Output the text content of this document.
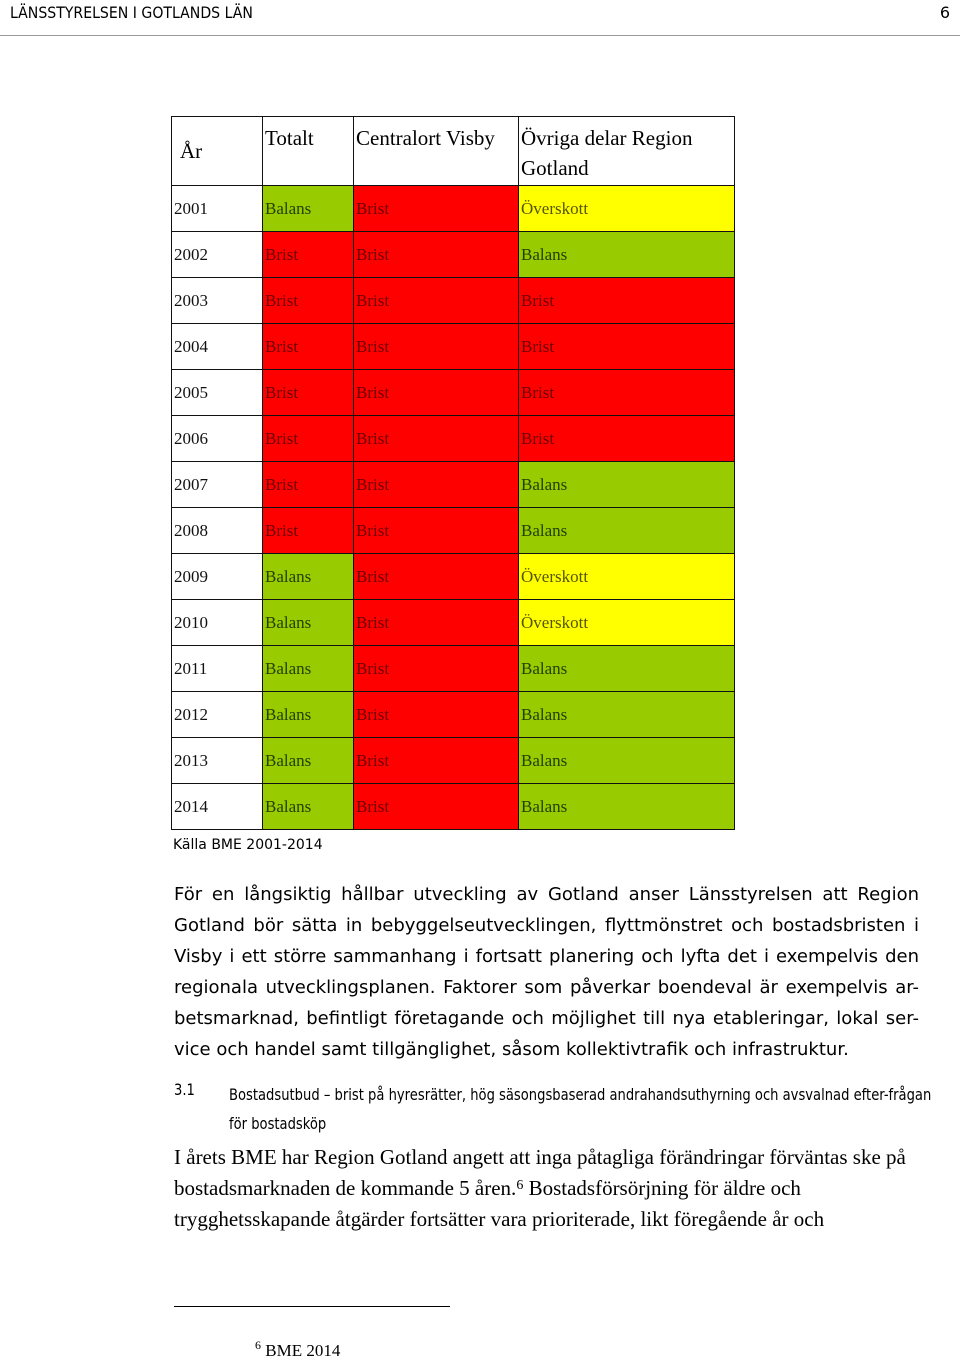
LÄNSSTYRELSEN I GOTLANDS LÄN	6
År	Totalt	Centralort Visby	Övriga delar Region Gotland
2001	Balans	Brist	Överskott
2002	Brist	Brist	Balans
2003	Brist	Brist	Brist
2004	Brist	Brist	Brist
2005	Brist	Brist	Brist
2006	Brist	Brist	Brist
2007	Brist	Brist	Balans
2008	Brist	Brist	Balans
2009	Balans	Brist	Överskott
2010	Balans	Brist	Överskott
2011	Balans	Brist	Balans
2012	Balans	Brist	Balans
2013	Balans	Brist	Balans
2014	Balans	Brist	Balans
Källa BME 2001-2014
För en långsiktig hållbar utveckling av Gotland anser Länsstyrelsen att Region Gotland bör sätta in bebyggelseutvecklingen, flyttmönstret och bostadsbristen i Visby i ett större sammanhang i fortsatt planering och lyfta det i exempelvis den regionala utvecklingsplanen. Faktorer som påverkar boendeval är exempelvis ar-betsmarknad, befintligt företagande och möjlighet till nya etableringar, lokal ser-vice och handel samt tillgänglighet, såsom kollektivtrafik och infrastruktur.
3.1 Bostadsutbud – brist på hyresrätter, hög säsongsbaserad andrahandsuthyrning och avsvalnad efter-frågan för bostadsköp
I årets BME har Region Gotland angett att inga påtagliga förändringar förväntas ske på bostadsmarknaden de kommande 5 åren.$^6$ Bostadsförsörjning för äldre och trygghetsskapande åtgärder fortsätter vara prioriterade, likt föregående år och
$^6$ BME 2014
